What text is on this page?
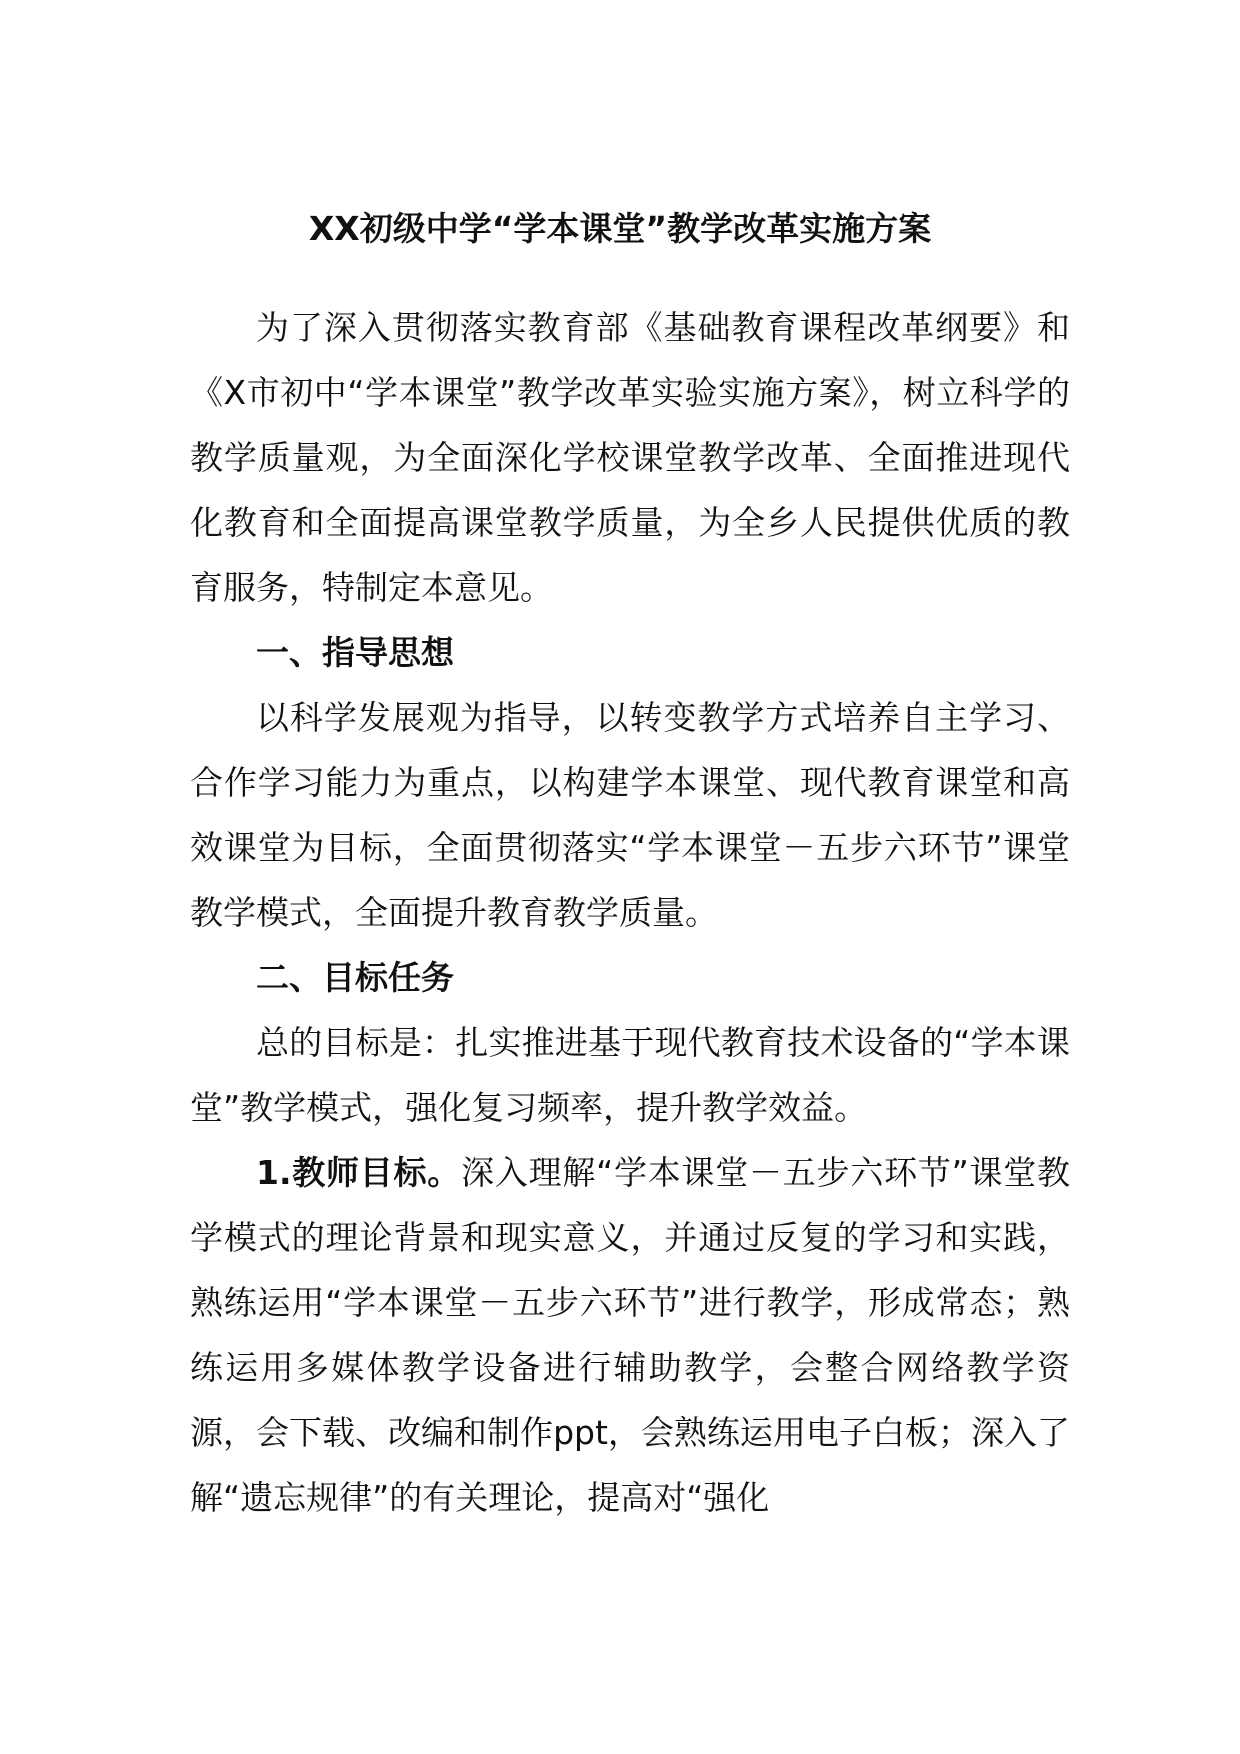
XX初级中学“学本课堂”教学改革实施方案

为了深入贯彻落实教育部《基础教育课程改革纲要》和《X市初中“学本课堂”教学改革实验实施方案》，树立科学的教学质量观，为全面深化学校课堂教学改革、全面推进现代化教育和全面提高课堂教学质量，为全乡人民提供优质的教育服务，特制定本意见。

一、指导思想

以科学发展观为指导，以转变教学方式培养自主学习、合作学习能力为重点，以构建学本课堂、现代教育课堂和高效课堂为目标，全面贯彻落实“学本课堂－五步六环节”课堂教学模式，全面提升教育教学质量。

二、目标任务

总的目标是：扎实推进基于现代教育技术设备的“学本课堂”教学模式，强化复习频率，提升教学效益。

1.教师目标。深入理解“学本课堂－五步六环节”课堂教学模式的理论背景和现实意义，并通过反复的学习和实践，熟练运用“学本课堂－五步六环节”进行教学，形成常态；熟练运用多媒体教学设备进行辅助教学，会整合网络教学资源，会下载、改编和制作ppt，会熟练运用电子白板；深入了解“遗忘规律”的有关理论，提高对“强化
